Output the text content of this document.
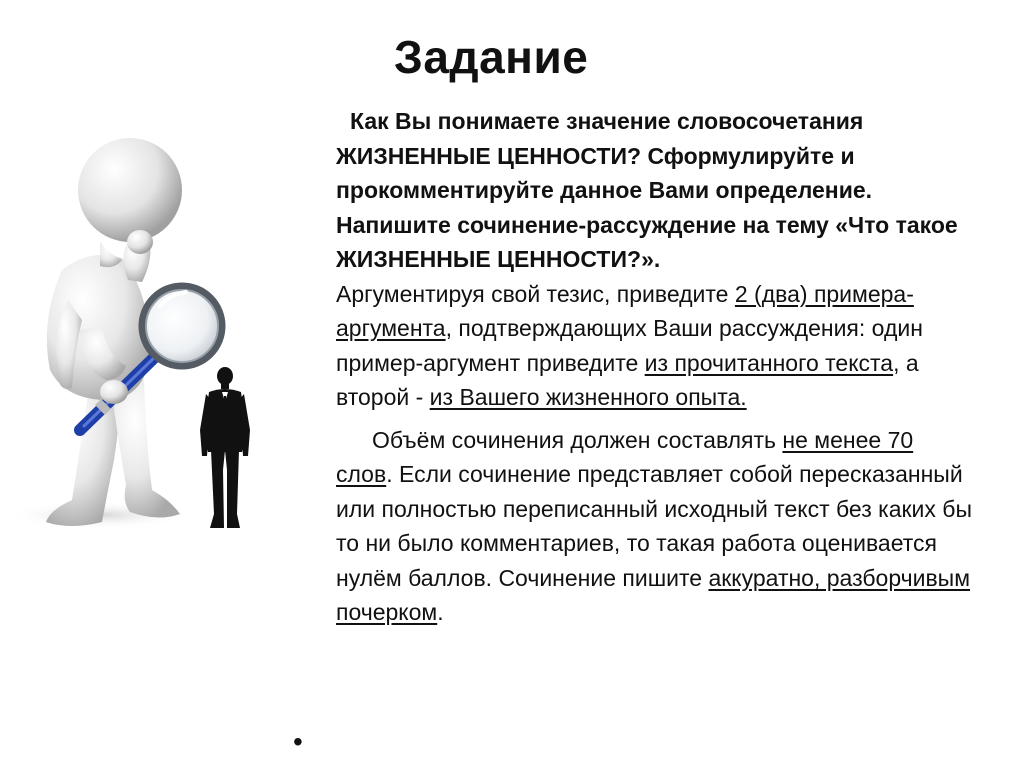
Задание

Как Вы понимаете значение словосочетания ЖИЗНЕННЫЕ ЦЕННОСТИ? Сформулируйте и прокомментируйте данное Вами определение. Напишите сочинение-рассуждение на тему «Что такое ЖИЗНЕННЫЕ ЦЕННОСТИ?».

Аргументируя свой тезис, приведите 2 (два) примера-аргумента, подтверждающих Ваши рассуждения: один пример-аргумент приведите из прочитанного текста, а второй - из Вашего жизненного опыта.

Объём сочинения должен составлять не менее 70 слов. Если сочинение представляет собой пересказанный или полностью переписанный исходный текст без каких бы то ни было комментариев, то такая работа оценивается нулём баллов. Сочинение пишите аккуратно, разборчивым почерком.

•
